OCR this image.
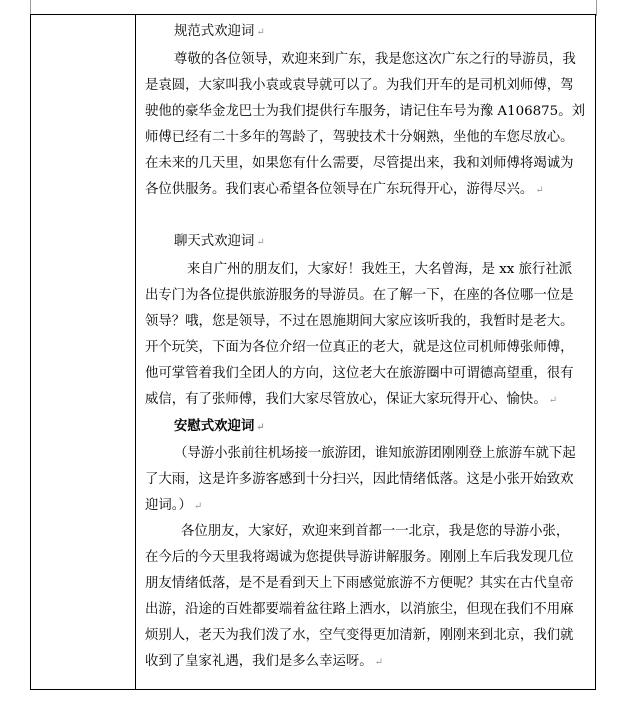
规范式欢迎词 ↵
尊敬的各位领导，欢迎来到广东，我是您这次广东之行的导游员，我
是袁圆，大家叫我小袁或袁导就可以了。为我们开车的是司机刘师傅，驾
驶他的豪华金龙巴士为我们提供行车服务，请记住车号为豫 A106875。刘
师傅已经有二十多年的驾龄了，驾驶技术十分娴熟，坐他的车您尽放心。
在未来的几天里，如果您有什么需要，尽管提出来，我和刘师傅将竭诚为
各位供服务。我们衷心希望各位领导在广东玩得开心，游得尽兴。 ↵
聊天式欢迎词 ↵
来自广州的朋友们，大家好！我姓王，大名曾海，是 xx 旅行社派
出专门为各位提供旅游服务的导游员。在了解一下，在座的各位哪一位是
领导？哦，您是领导，不过在恩施期间大家应该听我的，我暂时是老大。
开个玩笑，下面为各位介绍一位真正的老大，就是这位司机师傅张师傅，
他可掌管着我们全团人的方向，这位老大在旅游圈中可谓德高望重，很有
威信，有了张师傅，我们大家尽管放心，保证大家玩得开心、愉快。 ↵
安慰式欢迎词 ↵
（导游小张前往机场接一旅游团，谁知旅游团刚刚登上旅游车就下起
了大雨，这是许多游客感到十分扫兴，因此情绪低落。这是小张开始致欢
迎词。） ↵
各位朋友，大家好，欢迎来到首都一一北京，我是您的导游小张，
在今后的今天里我将竭诚为您提供导游讲解服务。刚刚上车后我发现几位
朋友情绪低落，是不是看到天上下雨感觉旅游不方便呢？其实在古代皇帝
出游，沿途的百姓都要端着盆往路上洒水，以消旅尘，但现在我们不用麻
烦别人，老天为我们泼了水，空气变得更加清新，刚刚来到北京，我们就
收到了皇家礼遇，我们是多么幸运呀。 ↵
